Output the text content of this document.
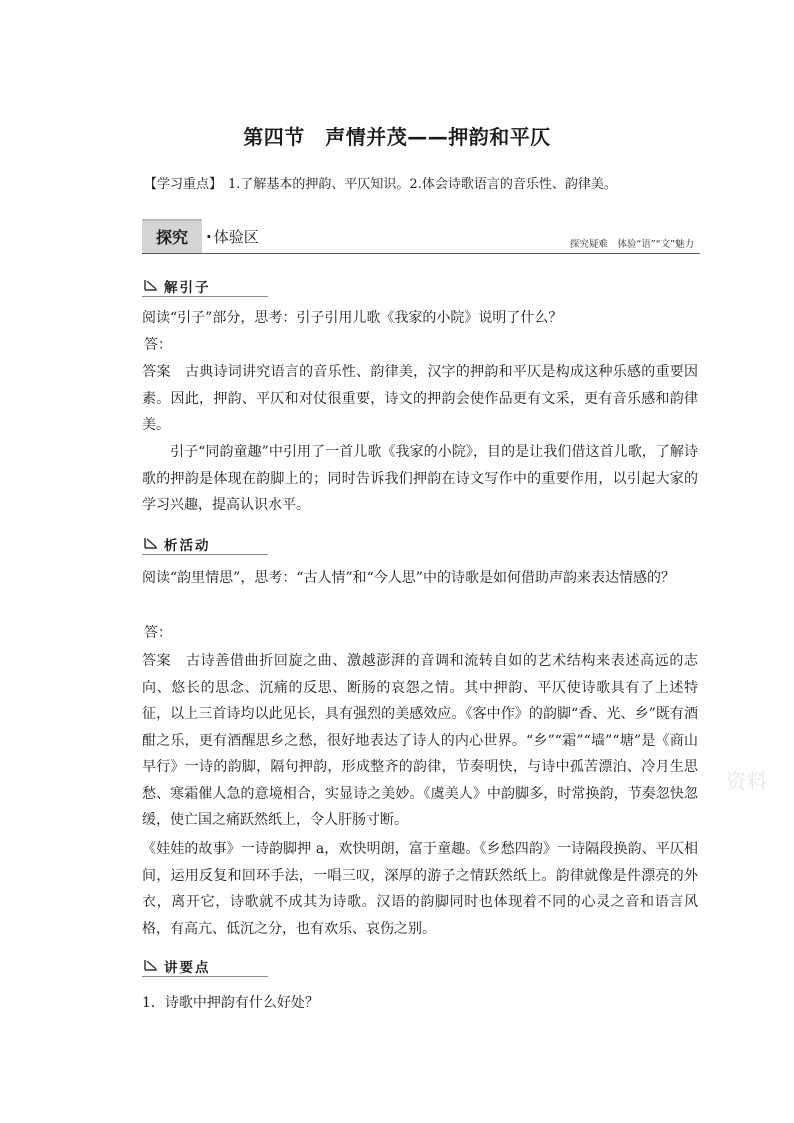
第四节　声情并茂——押韵和平仄
【学习重点】 1.了解基本的押韵、平仄知识。2.体会诗歌语言的音乐性、韵律美。
探究	· 体验区	探究疑难　体验“语”“文”魅力
解引子
阅读“引子”部分，思考：引子引用儿歌《我家的小院》说明了什么？
答：
答案　古典诗词讲究语言的音乐性、韵律美，汉字的押韵和平仄是构成这种乐感的重要因素。因此，押韵、平仄和对仗很重要，诗文的押韵会使作品更有文采，更有音乐感和韵律美。
引子“同韵童趣”中引用了一首儿歌《我家的小院》，目的是让我们借这首儿歌，了解诗歌的押韵是体现在韵脚上的；同时告诉我们押韵在诗文写作中的重要作用，以引起大家的学习兴趣，提高认识水平。
析活动
阅读“韵里情思”，思考：“古人情”和“今人思”中的诗歌是如何借助声韵来表达情感的？
答：
答案　古诗善借曲折回旋之曲、激越澎湃的音调和流转自如的艺术结构来表述高远的志向、悠长的思念、沉痛的反思、断肠的哀怨之情。其中押韵、平仄使诗歌具有了上述特征，以上三首诗均以此见长，具有强烈的美感效应。《客中作》的韵脚“香、光、乡”既有酒酣之乐，更有酒醒思乡之愁，很好地表达了诗人的内心世界。“乡”“霜”“墙”“塘”是《商山早行》一诗的韵脚，隔句押韵，形成整齐的韵律，节奏明快，与诗中孤苦漂泊、冷月生思愁、寒霜催人急的意境相合，实显诗之美妙。《虞美人》中韵脚多，时常换韵，节奏忽快忽缓，使亡国之痛跃然纸上，令人肝肠寸断。
《娃娃的故事》一诗韵脚押 a，欢快明朗，富于童趣。《乡愁四韵》一诗隔段换韵、平仄相间，运用反复和回环手法，一唱三叹，深厚的游子之情跃然纸上。韵律就像是件漂亮的外衣，离开它，诗歌就不成其为诗歌。汉语的韵脚同时也体现着不同的心灵之音和语言风格，有高亢、低沉之分，也有欢乐、哀伤之别。
讲要点
1．诗歌中押韵有什么好处？
资料
